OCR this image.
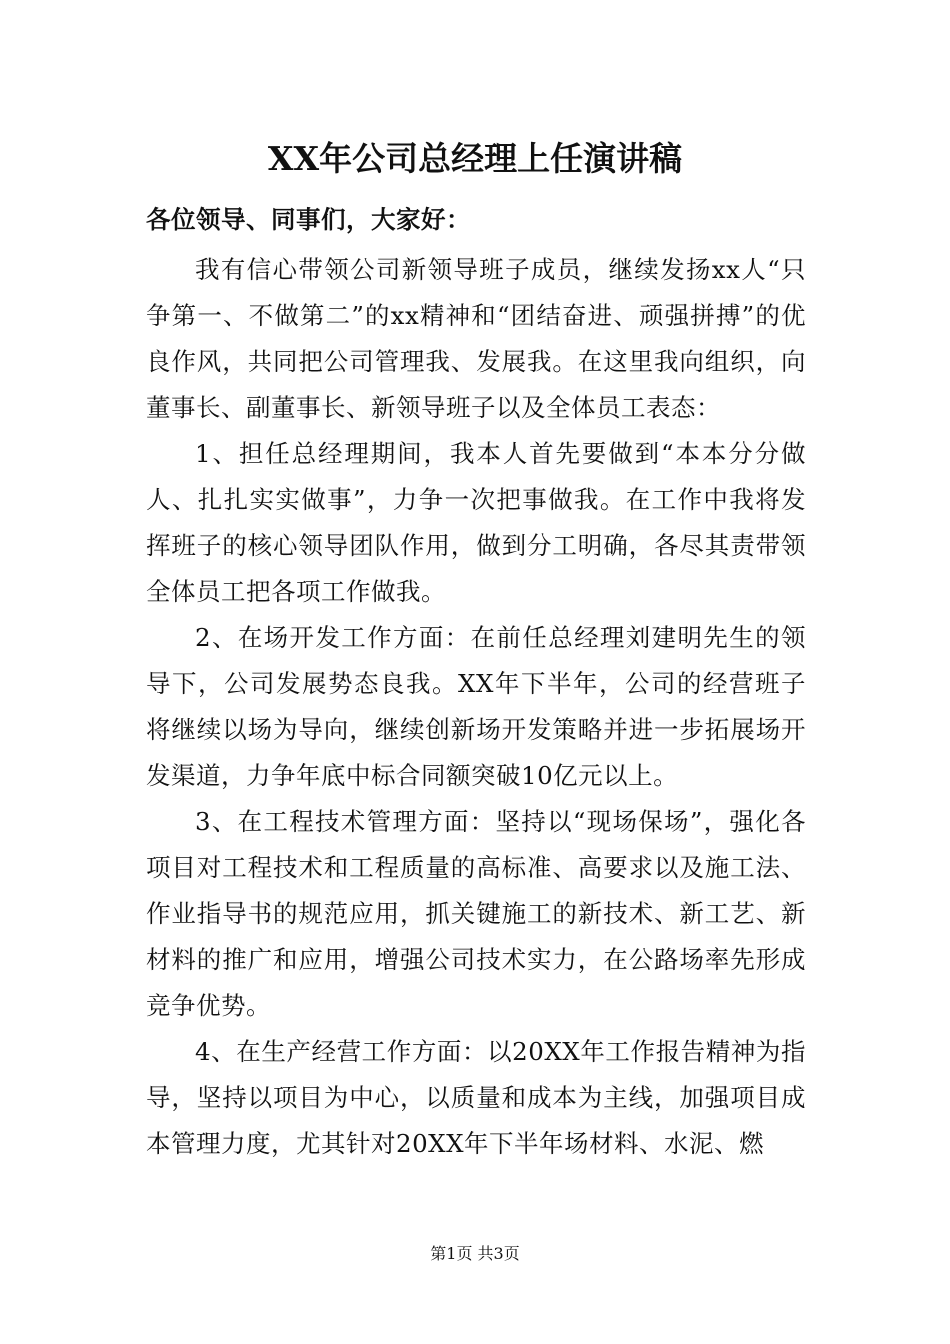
XX年公司总经理上任演讲稿

各位领导、同事们，大家好：

我有信心带领公司新领导班子成员，继续发扬xx人“只争第一、不做第二”的xx精神和“团结奋进、顽强拼搏”的优良作风，共同把公司管理我、发展我。在这里我向组织，向董事长、副董事长、新领导班子以及全体员工表态：

1、担任总经理期间，我本人首先要做到“本本分分做人、扎扎实实做事”，力争一次把事做我。在工作中我将发挥班子的核心领导团队作用，做到分工明确，各尽其责带领全体员工把各项工作做我。

2、在场开发工作方面：在前任总经理刘建明先生的领导下，公司发展势态良我。XX年下半年，公司的经营班子将继续以场为导向，继续创新场开发策略并进一步拓展场开发渠道，力争年底中标合同额突破10亿元以上。

3、在工程技术管理方面：坚持以“现场保场”，强化各项目对工程技术和工程质量的高标准、高要求以及施工法、作业指导书的规范应用，抓关键施工的新技术、新工艺、新材料的推广和应用，增强公司技术实力，在公路场率先形成竞争优势。

4、在生产经营工作方面：以20XX年工作报告精神为指导，坚持以项目为中心，以质量和成本为主线，加强项目成本管理力度，尤其针对20XX年下半年场材料、水泥、燃

第1页 共3页
